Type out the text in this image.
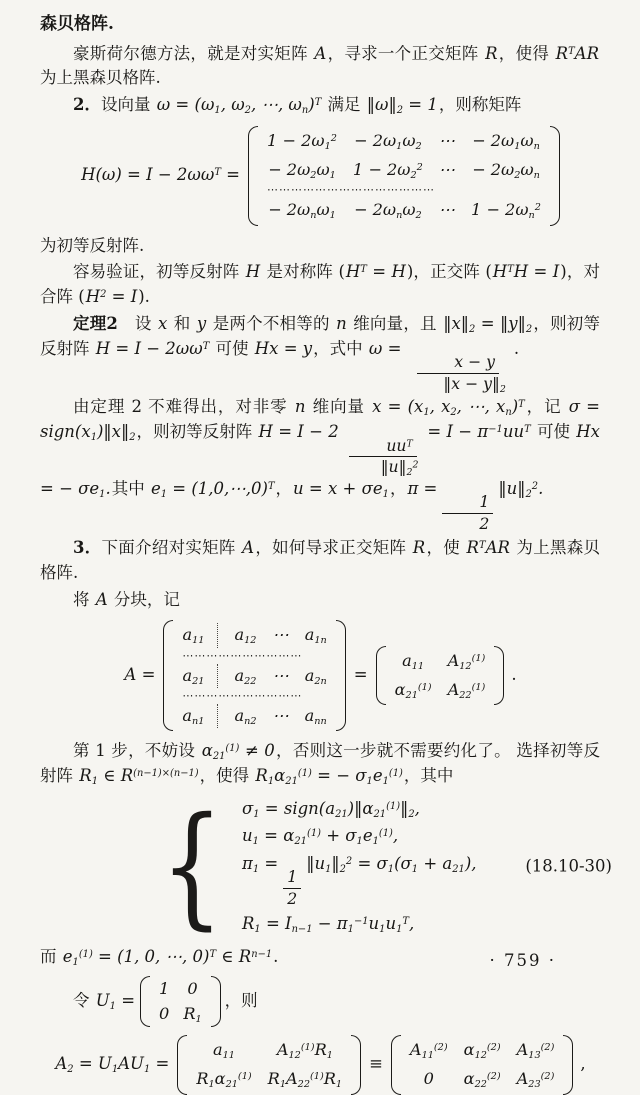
森贝格阵.

豪斯荷尔德方法，就是对实矩阵 A，寻求一个正交矩阵 R，使得 $R^TAR$ 为上黑森贝格阵.

2．设向量 $\omega = (\omega_1$, $\omega_2$, ⋯, $\omega_n)^T$ 满足 $‖\omega‖_2 = 1$，则称矩阵

$H(\omega) = I - 2\omega\omega^T$ =
$1 - 2\omega_1^2 - 2\omega_1\omega_2$ ⋯ − $2\omega_1\omega_n$
− $2\omega_2\omega_1$ $1 - 2\omega_2^2$ ⋯ − $2\omega_2\omega_n$
⋯⋯⋯⋯⋯⋯⋯⋯⋯⋯⋯⋯⋯⋯
− $2\omega_n\omega_1 - 2\omega_n\omega_2$ ⋯ $1 - 2\omega_n^2$

为初等反射阵.

容易验证，初等反射阵 H 是对称阵 $(H^T = H)$，正交阵 $(H^TH = I)$，对合阵 $(H^2 = I)$.

定理2　设 x 和 y 是两个不相等的 n 维向量，且 $‖x‖_2$ = $‖y‖_2$，则初等反射阵 $H = I - 2\omega\omega^T$ 可使 Hx = y，式中 ω =
$\frac{x - y}{‖x - y‖_2}$
.

由定理 2 不难得出，对非零 n 维向量 $x = (x_1$, $x_2$, ⋯, $x_n)^T$，记 $\sigma = sign(x_1)‖x‖_2$，则初等反射阵 H = I − 2
$\frac{uu^T}{‖u‖_2^2}$
= $I - \pi^{-1}uu^T$ 可使 Hx = − $\sigma e_1$.其中 $e_1$ = (1,0,⋯,0)$^T$，$u = x + \sigma e_1$，π =
$\frac{1}{2}$
$‖u‖_2^2$.

3．下面介绍对实矩阵 A，如何导求正交矩阵 R，使 $R^TAR$ 为上黑森贝格阵.

将 A 分块，记

A =
$a_{11}$	$a_{12}$ ⋯ $a_{1n}$
⋯⋯⋯⋯⋯⋯⋯⋯⋯⋯
$a_{21}$	$a_{22}$ ⋯ $a_{2n}$
⋯⋯⋯⋯⋯⋯⋯⋯⋯⋯
$a_{n1}$	$a_{n2}$ ⋯ $a_{nn}$
=
$a_{11}$ $A_{12}^{(1)}$
$\alpha_{21}^{(1)}$ $A_{22}^{(1)}$
.

第 1 步，不妨设 $\alpha_{21}^{(1)} \ne 0$，否则这一步就不需要约化了。 选择初等反射阵 $R_1$ ∈ $R^{(n-1)\times(n-1)}$，使得 $R_1\alpha_{21}^{(1)}$ = − $\sigma_1e_1^{(1)}$，其中

{ $\sigma_1$ = $sign(a_{21})‖\alpha_{21}^{(1)}‖_2$,
$u_1 = \alpha_{21}^{(1)} + \sigma_1e_1^{(1)}$,
$\pi_1$ =
$\frac{1}{2}$
$‖u_1‖_2^2 = \sigma_1(\sigma_1 + a_{21})$,
$R_1 = I_{n-1} - \pi_1^{-1}u_1u_1^T$,
(18.10-30)

而 $e_1^{(1)} = (1$, 0, ⋯, 0)$^T$ ∈ $R^{n-1}$.

令 $U_1$ =
1 0
0 $R_1$
，则
$A_2 = U_1AU_1$ =
$a_{11}$	$A_{12}^{(1)}R_1$
$R_1\alpha_{21}^{(1)}$ $R_1A_{22}^{(1)}R_1$
≡
$A_{11}^{(2)}$ $\alpha_{12}^{(2)}$ $A_{13}^{(2)}$
0 $\alpha_{22}^{(2)}$ $A_{23}^{(2)}$
,
· 759 ·
